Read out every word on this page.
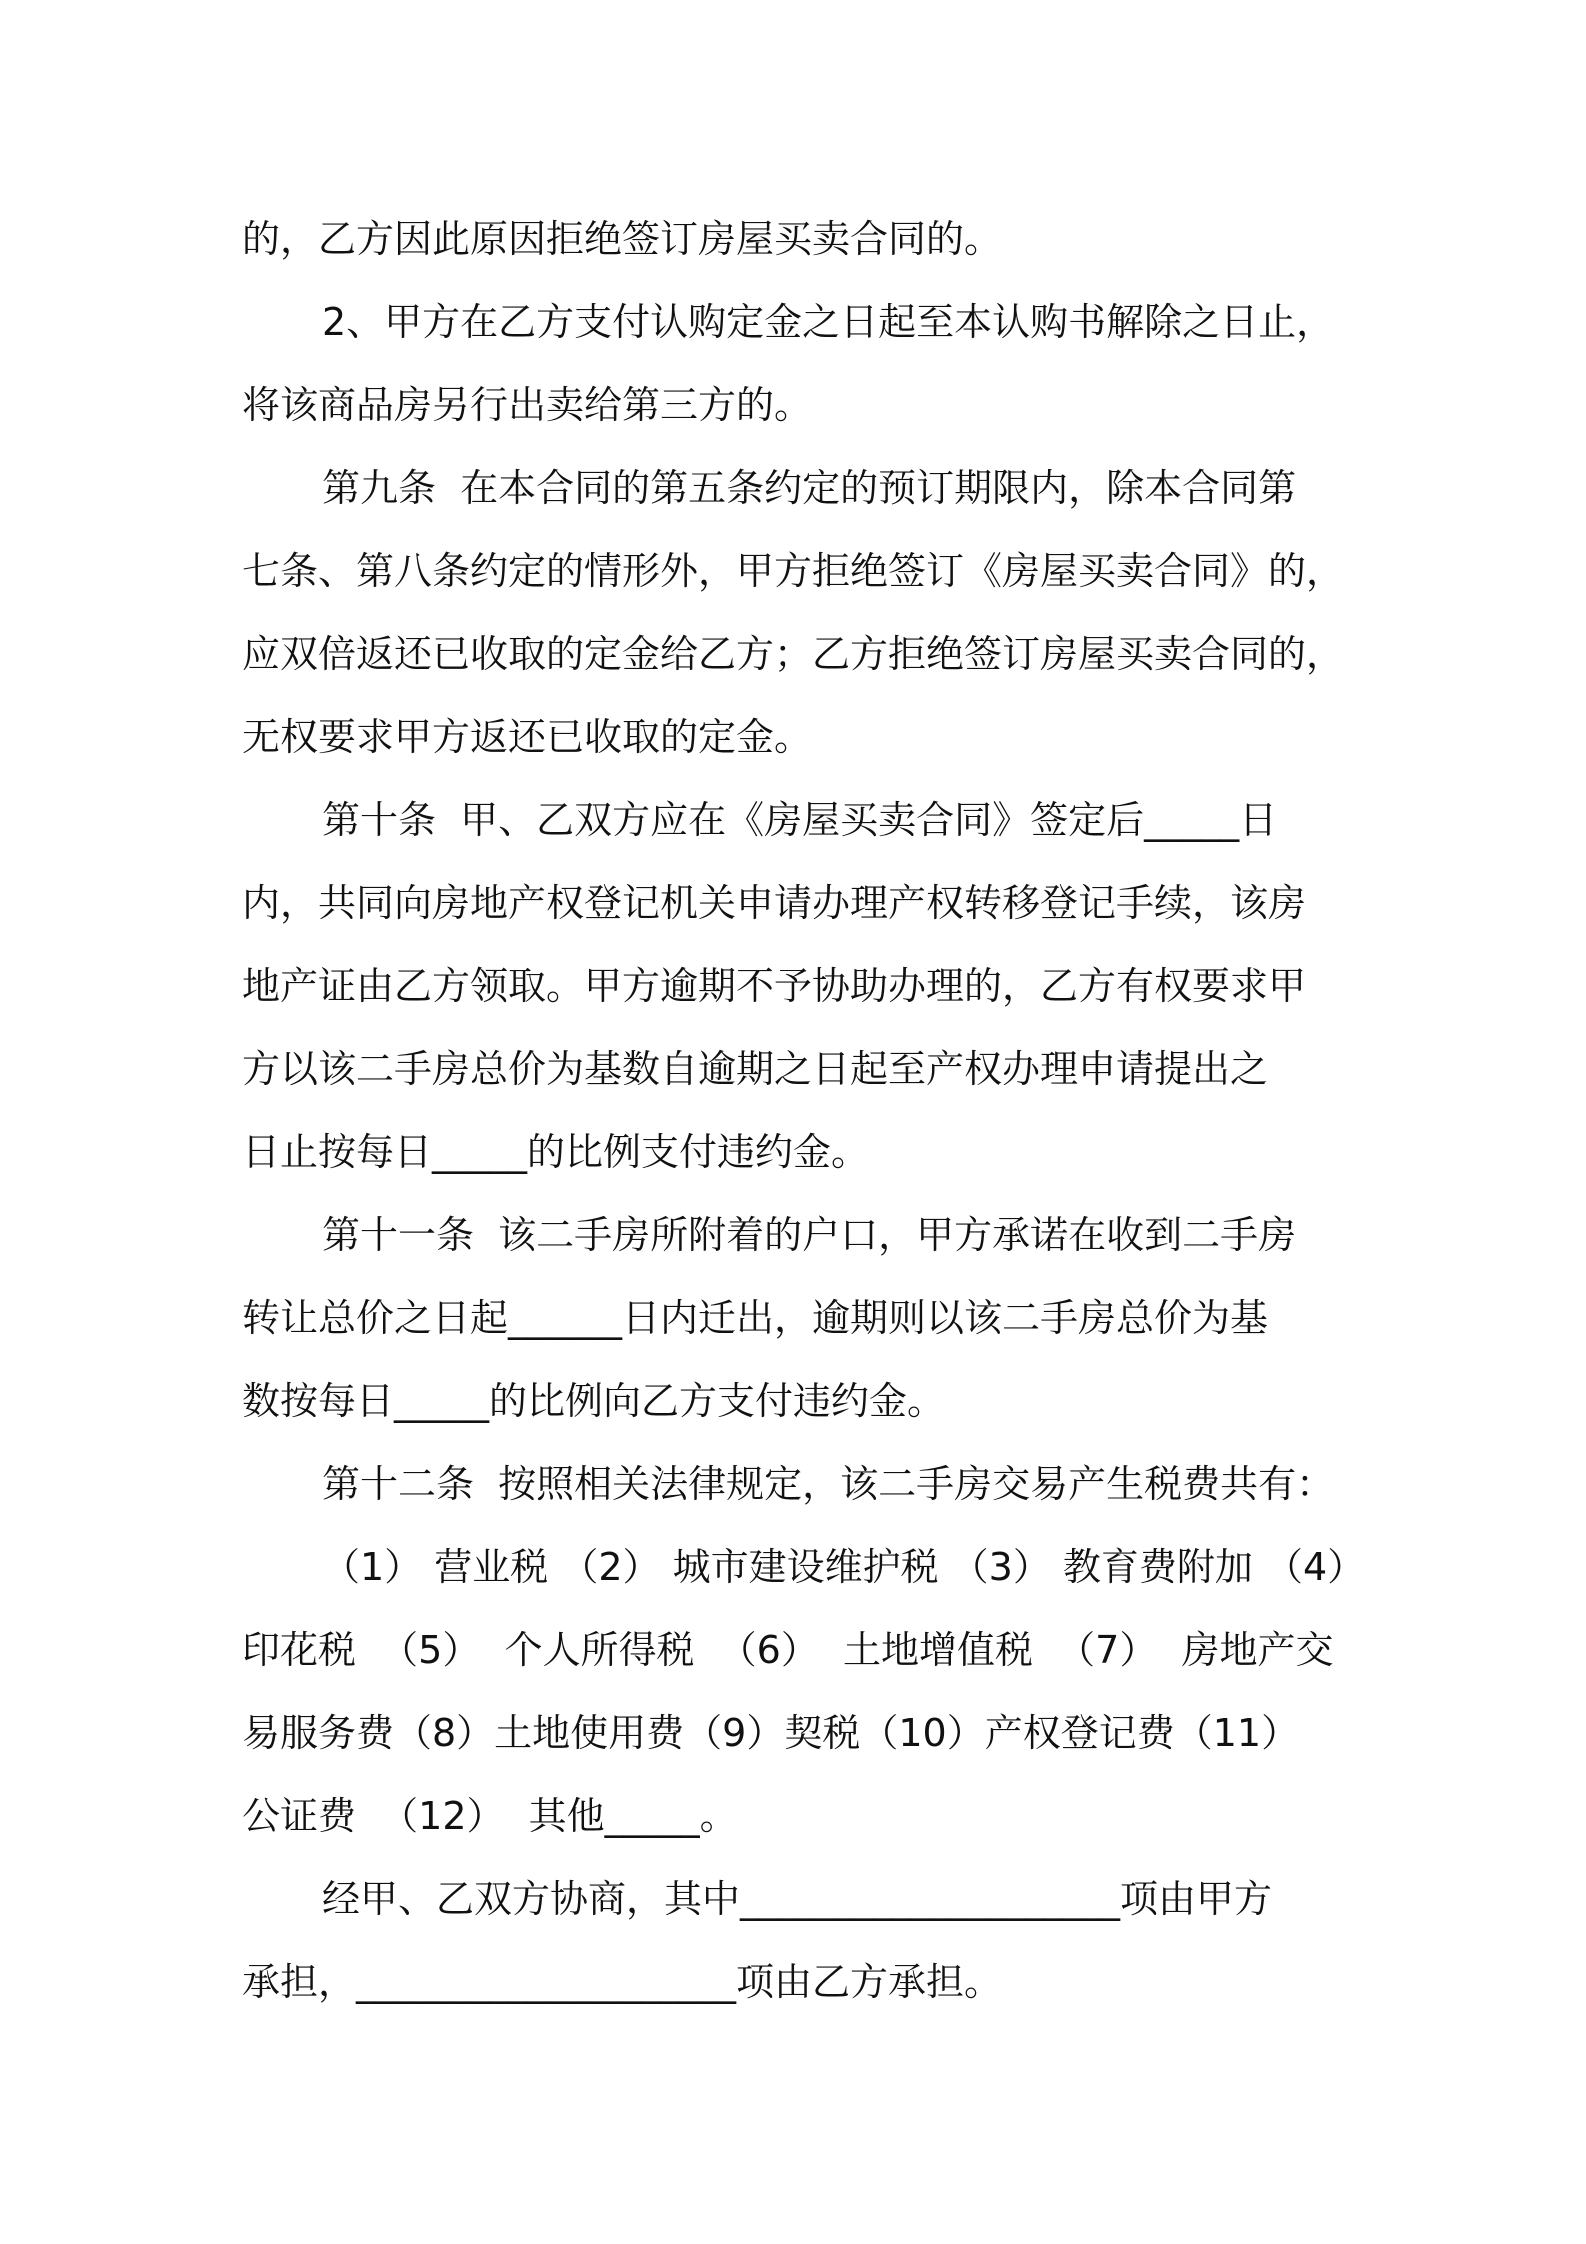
的，乙方因此原因拒绝签订房屋买卖合同的。
2、甲方在乙方支付认购定金之日起至本认购书解除之日止，
将该商品房另行出卖给第三方的。
第九条  在本合同的第五条约定的预订期限内，除本合同第
七条、第八条约定的情形外，甲方拒绝签订《房屋买卖合同》的，
应双倍返还已收取的定金给乙方；乙方拒绝签订房屋买卖合同的，
无权要求甲方返还已收取的定金。
第十条  甲、乙双方应在《房屋买卖合同》签定后_____日
内，共同向房地产权登记机关申请办理产权转移登记手续，该房
地产证由乙方领取。甲方逾期不予协助办理的，乙方有权要求甲
方以该二手房总价为基数自逾期之日起至产权办理申请提出之
日止按每日_____的比例支付违约金。
第十一条  该二手房所附着的户口，甲方承诺在收到二手房
转让总价之日起______日内迁出，逾期则以该二手房总价为基
数按每日_____的比例向乙方支付违约金。
第十二条  按照相关法律规定，该二手房交易产生税费共有：
（1） 营业税 （2） 城市建设维护税 （3） 教育费附加 （4）
印花税  （5）  个人所得税  （6）  土地增值税  （7）  房地产交
易服务费（8）土地使用费（9）契税（10）产权登记费（11）
公证费  （12）  其他_____。
经甲、乙双方协商，其中____________________项由甲方
承担，____________________项由乙方承担。
